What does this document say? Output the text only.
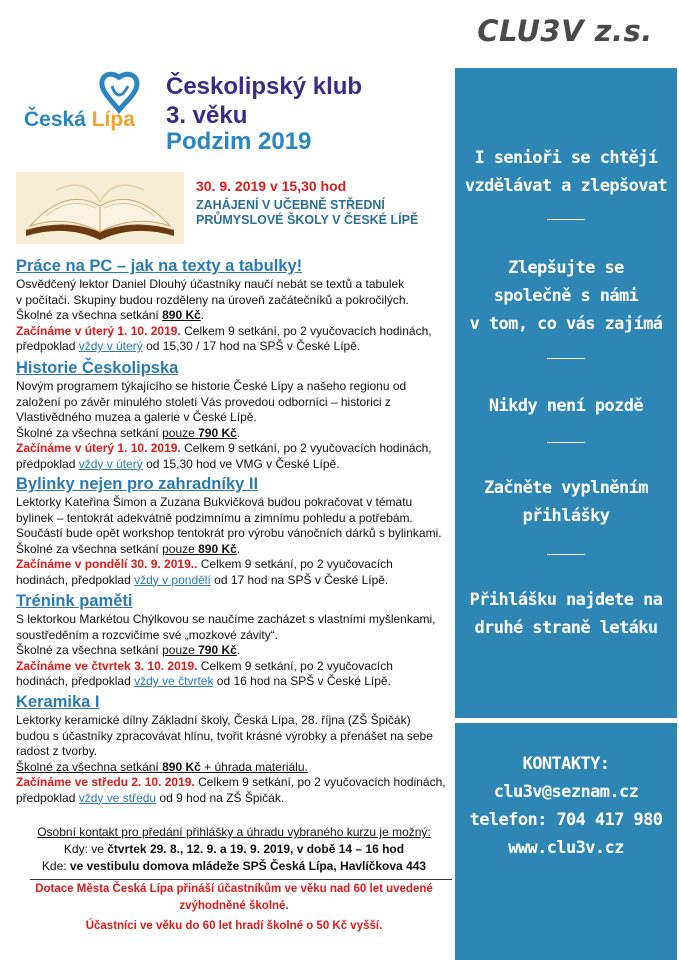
CLU3V z.s.
Česká Lípa
Českolipský klub
3. věku
Podzim 2019
30. 9. 2019 v 15,30 hod
ZAHÁJENÍ V UČEBNĚ STŘEDNÍ
PRŮMYSLOVÉ ŠKOLY V ČESKÉ LÍPĚ
Práce na PC – jak na texty a tabulky!
Osvědčený lektor Daniel Dlouhý účastníky naučí nebát se textů a tabulek
v počítači. Skupiny budou rozděleny na úroveň začátečníků a pokročilých.
Školné za všechna setkání 890 Kč.
Začínáme v úterý 1. 10. 2019. Celkem 9 setkání, po 2 vyučovacích hodinách,
předpoklad vždy v úterý od 15,30 / 17 hod na SPŠ v České Lípě.
Historie Českolipska
Novým programem týkajícího se historie České Lípy a našeho regionu od
založení po závěr minulého století Vás provedou odborníci – historici z
Vlastivědného muzea a galerie v České Lípě.
Školné za všechna setkání pouze 790 Kč.
Začínáme v úterý 1. 10. 2019. Celkem 9 setkání, po 2 vyučovacích hodinách,
předpoklad vždy v úterý od 15,30 hod ve VMG v České Lípě.
Bylinky nejen pro zahradníky II
Lektorky Kateřina Šimon a Zuzana Bukvičková budou pokračovat v tématu
bylinek – tentokrát adekvátně podzimnímu a zimnímu pohledu a potřebám.
Součástí bude opět workshop tentokrát pro výrobu vánočních dárků s bylinkami.
Školné za všechna setkání pouze 890 Kč.
Začínáme v pondělí 30. 9. 2019.. Celkem 9 setkání, po 2 vyučovacích
hodinách, předpoklad vždy v pondělí od 17 hod na SPŠ v České Lípě.
Trénink paměti
S lektorkou Markétou Chýlkovou se naučíme zacházet s vlastními myšlenkami,
soustředěním a rozcvičíme své „mozkové závity“.
Školné za všechna setkání pouze 790 Kč.
Začínáme ve čtvrtek 3. 10. 2019. Celkem 9 setkání, po 2 vyučovacích
hodinách, předpoklad vždy ve čtvrtek od 16 hod na SPŠ v České Lípě.
Keramika I
Lektorky keramické dílny Základní školy, Česká Lípa, 28. října (ZŠ Špičák)
budou s účastníky zpracovávat hlínu, tvořit krásné výrobky a přenášet na sebe
radost z tvorby.
Školné za všechna setkání 890 Kč + úhrada materiálu.
Začínáme ve středu 2. 10. 2019. Celkem 9 setkání, po 2 vyučovacích hodinách,
předpoklad vždy ve středu od 9 hod na ZŠ Špičák.
Osobní kontakt pro předání přihlášky a úhradu vybraného kurzu je možný:
Kdy: ve čtvrtek 29. 8., 12. 9. a 19. 9. 2019, v době 14 – 16 hod
Kde: ve vestibulu domova mládeže SPŠ Česká Lípa, Havlíčkova 443
Dotace Města Česká Lípa přináší účastníkům ve věku nad 60 let uvedené
zvýhodněné školné.
Účastníci ve věku do 60 let hradí školné o 50 Kč vyšší.
I senioři se chtějí
vzdělávat a zlepšovat
Zlepšujte se
společně s námi
v tom, co vás zajímá
Nikdy není pozdě
Začněte vyplněním
přihlášky
Přihlášku najdete na
druhé straně letáku
KONTAKTY:
clu3v@seznam.cz
telefon: 704 417 980
www.clu3v.cz
